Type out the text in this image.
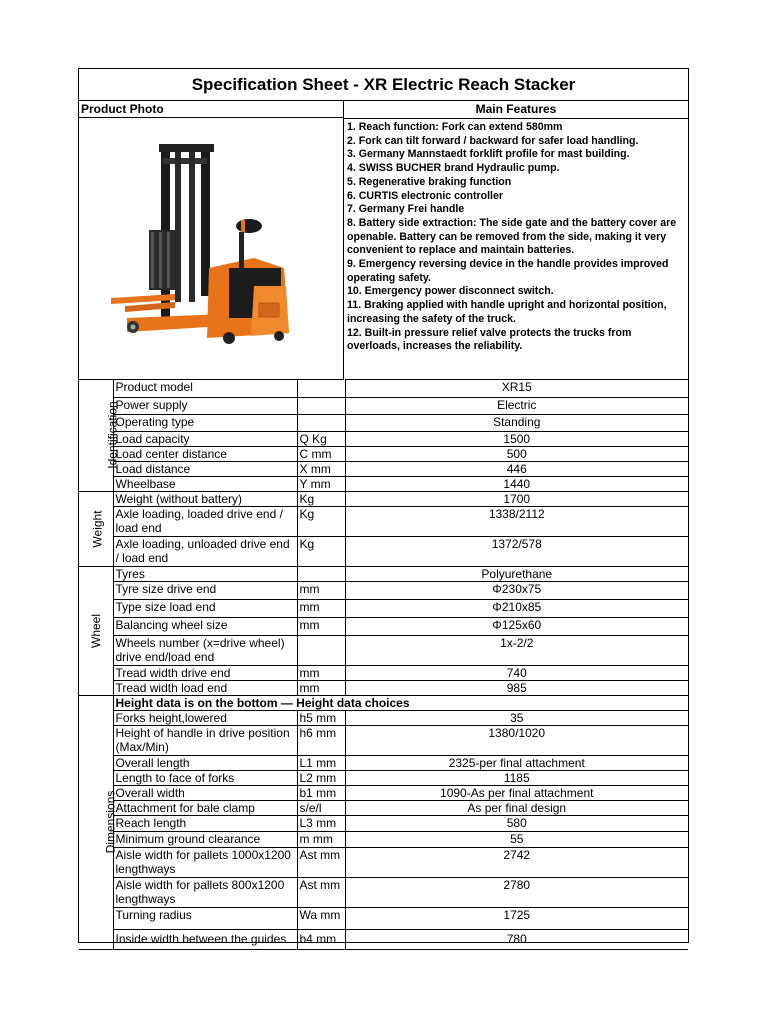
Specification Sheet - XR Electric Reach Stacker
Product Photo	Main Features
1. Reach function: Fork can extend 580mm
2. Fork can tilt forward / backward for safer load handling.
3. Germany Mannstaedt forklift profile for mast building.
4. SWISS BUCHER brand Hydraulic pump.
5. Regenerative braking function
6. CURTIS electronic controller
7. Germany Frei handle
8. Battery side extraction: The side gate and the battery cover are openable. Battery can be removed from the side, making it very convenient to replace and maintain batteries.
9. Emergency reversing device in the handle provides improved operating safety.
10. Emergency power disconnect switch.
11. Braking applied with handle upright and horizontal position, increasing the safety of the truck.
12. Built-in pressure relief valve protects the trucks from overloads, increases the reliability.
Identification	Product model		XR15
	Power supply		Electric
	Operating type		Standing
	Load capacity	Q Kg	1500
	Load center distance	C mm	500
	Load distance	X mm	446
	Wheelbase	Y mm	1440
Weight	Weight (without battery)	Kg	1700
	Axle loading, loaded drive end / load end	Kg	1338/2112
	Axle loading, unloaded drive end / load end	Kg	1372/578
Wheel	Tyres		Polyurethane
	Tyre size drive end	mm	Φ230x75
	Type size load end	mm	Φ210x85
	Balancing wheel size	mm	Φ125x60
	Wheels number (x=drive wheel) drive end/load end		1x-2/2
	Tread width drive end	mm	740
	Tread width load end	mm	985
Dimensions	Height data is on the bottom — Height data choices		
	Forks height,lowered	h5 mm	35
	Height of handle in drive position (Max/Min)	h6 mm	1380/1020
	Overall length	L1 mm	2325-per final attachment
	Length to face of forks	L2 mm	1185
	Overall width	b1 mm	1090-As per final attachment
	Attachment for bale clamp	s/e/l	As per final design
	Reach length	L3 mm	580
	Minimum ground clearance	m mm	55
	Aisle width for pallets 1000x1200 lengthways	Ast mm	2742
	Aisle width for pallets 800x1200 lengthways	Ast mm	2780
	Turning radius	Wa mm	1725
	Inside width between the guides	b4 mm	780
